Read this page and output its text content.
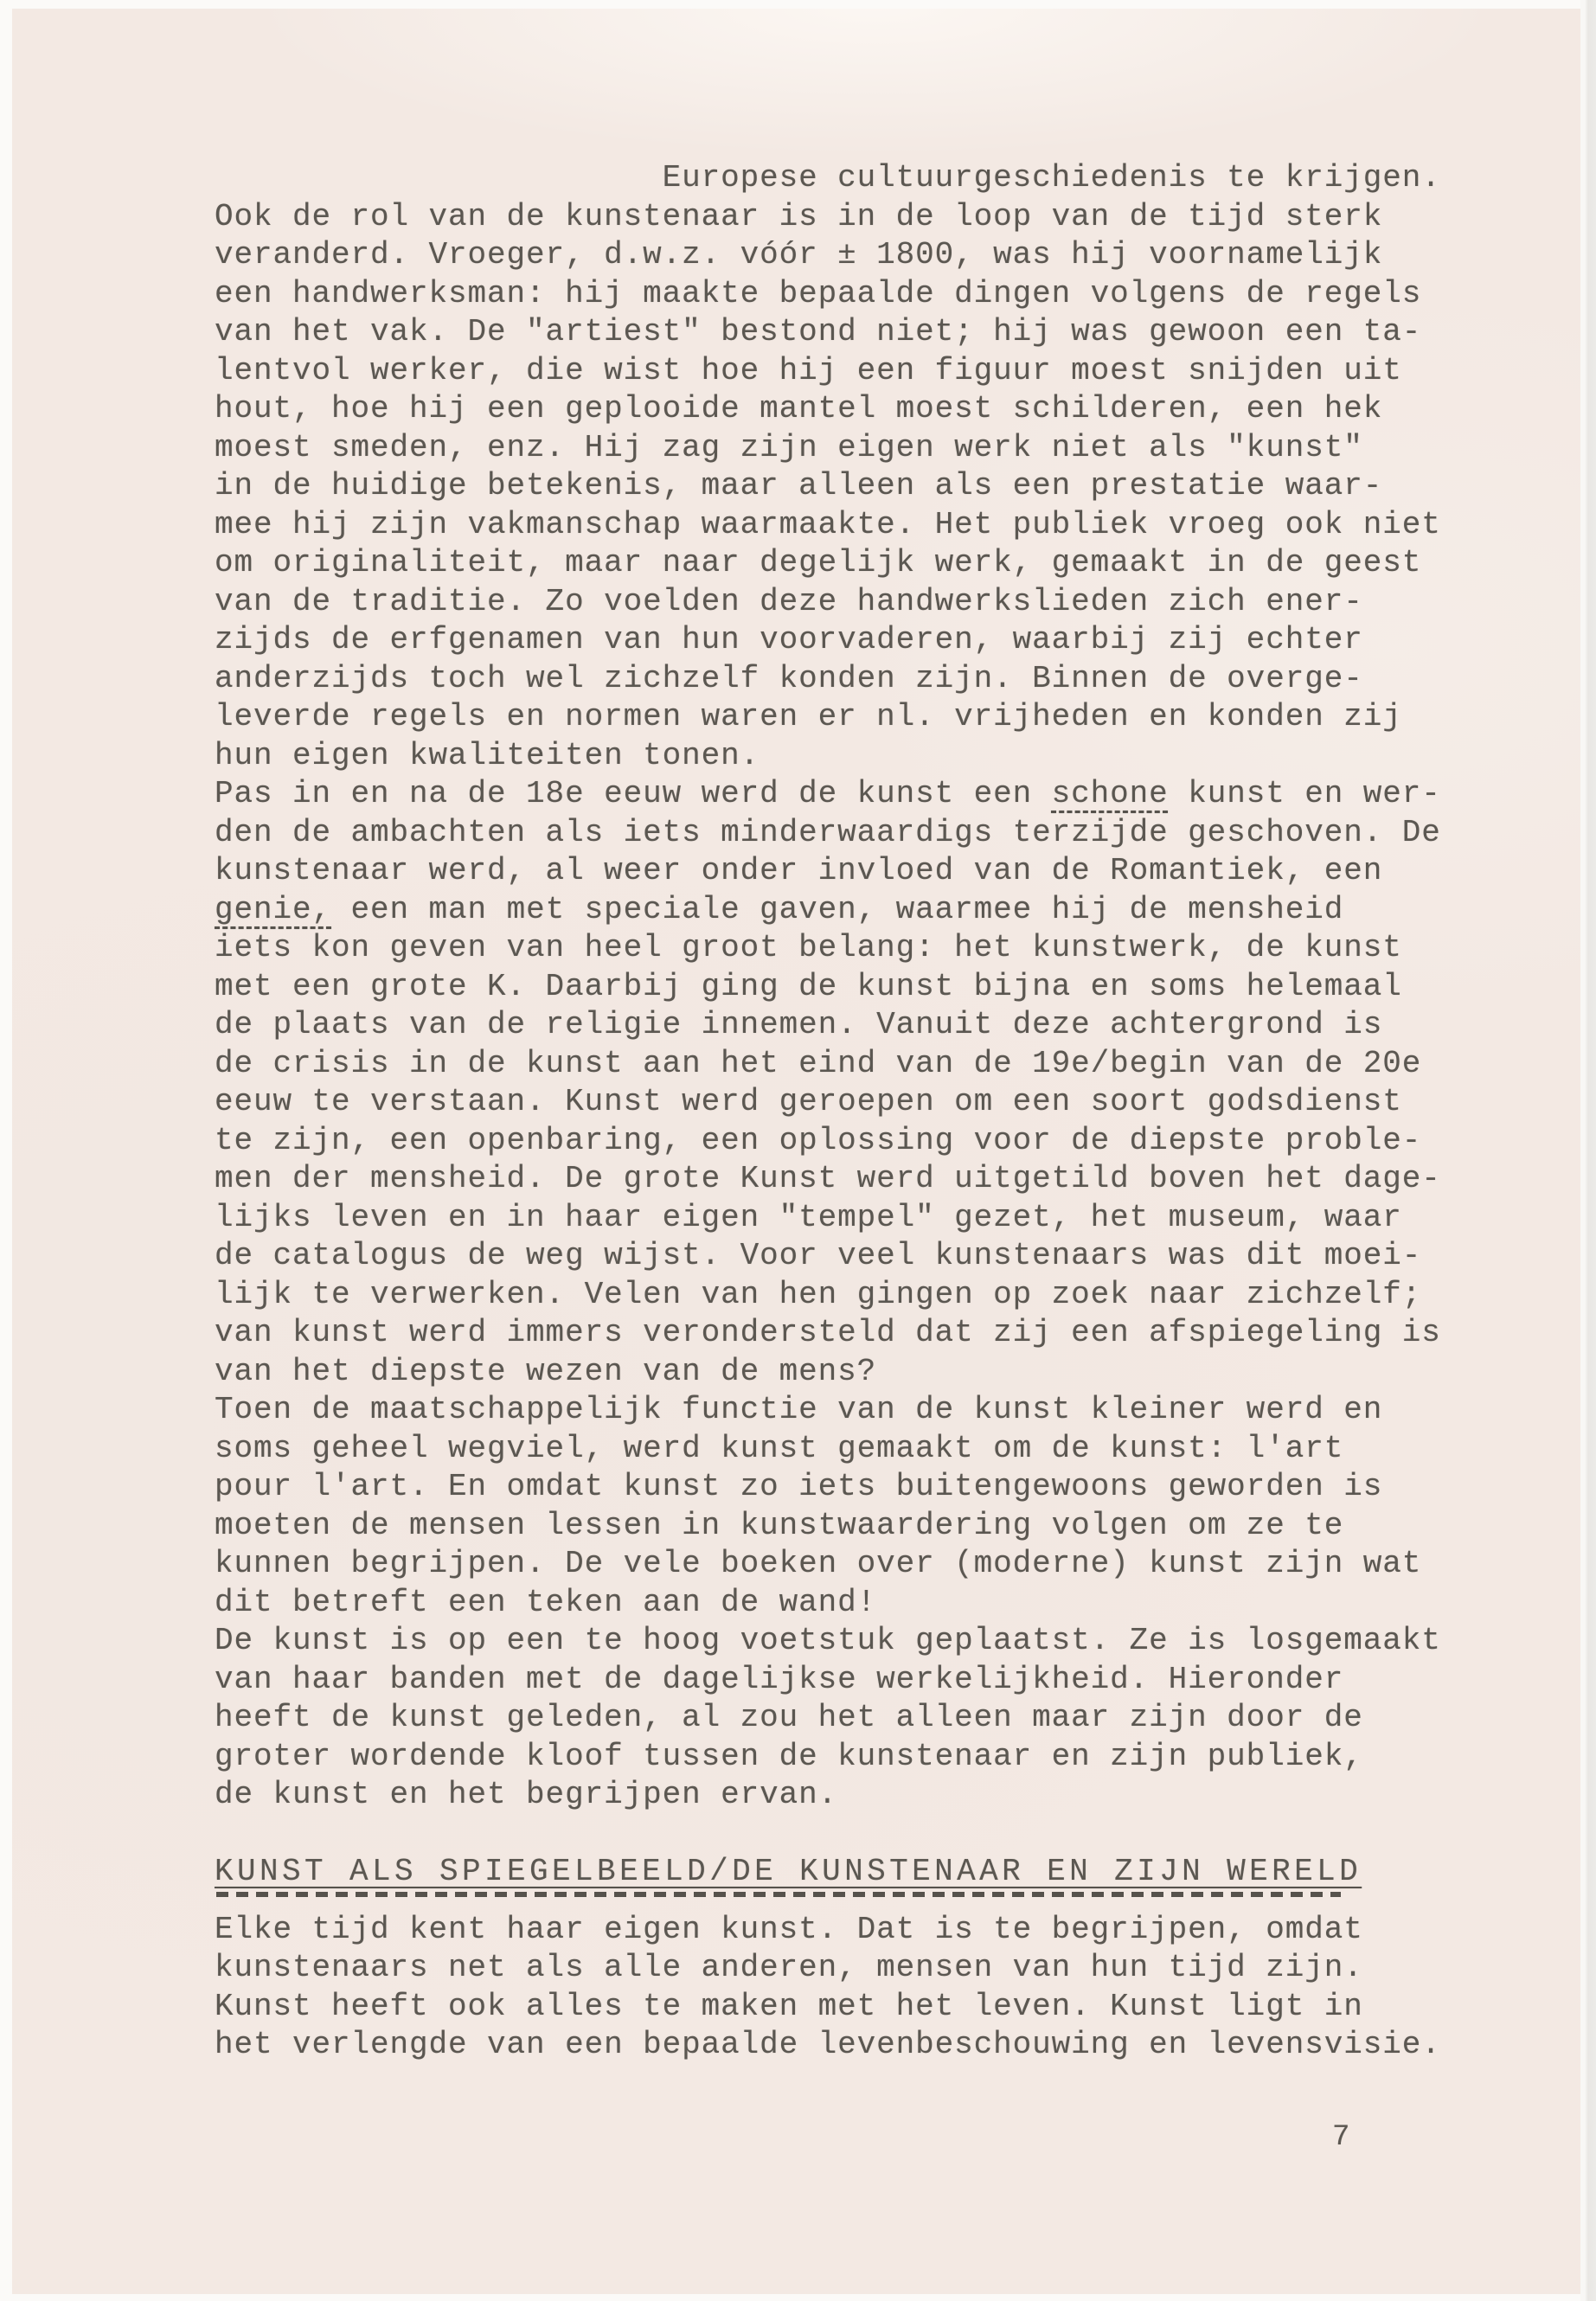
Europese cultuurgeschiedenis te krijgen.
Ook de rol van de kunstenaar is in de loop van de tijd sterk
veranderd. Vroeger, d.w.z. vóór ± 1800, was hij voornamelijk
een handwerksman: hij maakte bepaalde dingen volgens de regels
van het vak. De "artiest" bestond niet; hij was gewoon een ta-
lentvol werker, die wist hoe hij een figuur moest snijden uit
hout, hoe hij een geplooide mantel moest schilderen, een hek
moest smeden, enz. Hij zag zijn eigen werk niet als "kunst"
in de huidige betekenis, maar alleen als een prestatie waar-
mee hij zijn vakmanschap waarmaakte. Het publiek vroeg ook niet
om originaliteit, maar naar degelijk werk, gemaakt in de geest
van de traditie. Zo voelden deze handwerkslieden zich ener-
zijds de erfgenamen van hun voorvaderen, waarbij zij echter
anderzijds toch wel zichzelf konden zijn. Binnen de overge-
leverde regels en normen waren er nl. vrijheden en konden zij
hun eigen kwaliteiten tonen.
Pas in en na de 18e eeuw werd de kunst een schone kunst en wer-
den de ambachten als iets minderwaardigs terzijde geschoven. De
kunstenaar werd, al weer onder invloed van de Romantiek, een
genie, een man met speciale gaven, waarmee hij de mensheid
iets kon geven van heel groot belang: het kunstwerk, de kunst
met een grote K. Daarbij ging de kunst bijna en soms helemaal
de plaats van de religie innemen. Vanuit deze achtergrond is
de crisis in de kunst aan het eind van de 19e/begin van de 20e
eeuw te verstaan. Kunst werd geroepen om een soort godsdienst
te zijn, een openbaring, een oplossing voor de diepste proble-
men der mensheid. De grote Kunst werd uitgetild boven het dage-
lijks leven en in haar eigen "tempel" gezet, het museum, waar
de catalogus de weg wijst. Voor veel kunstenaars was dit moei-
lijk te verwerken. Velen van hen gingen op zoek naar zichzelf;
van kunst werd immers verondersteld dat zij een afspiegeling is
van het diepste wezen van de mens?
Toen de maatschappelijk functie van de kunst kleiner werd en
soms geheel wegviel, werd kunst gemaakt om de kunst: l'art
pour l'art. En omdat kunst zo iets buitengewoons geworden is
moeten de mensen lessen in kunstwaardering volgen om ze te
kunnen begrijpen. De vele boeken over (moderne) kunst zijn wat
dit betreft een teken aan de wand!
De kunst is op een te hoog voetstuk geplaatst. Ze is losgemaakt
van haar banden met de dagelijkse werkelijkheid. Hieronder
heeft de kunst geleden, al zou het alleen maar zijn door de
groter wordende kloof tussen de kunstenaar en zijn publiek,
de kunst en het begrijpen ervan.
KUNST ALS SPIEGELBEELD/DE KUNSTENAAR EN ZIJN WERELD
Elke tijd kent haar eigen kunst. Dat is te begrijpen, omdat
kunstenaars net als alle anderen, mensen van hun tijd zijn.
Kunst heeft ook alles te maken met het leven. Kunst ligt in
het verlengde van een bepaalde levenbeschouwing en levensvisie.
7
